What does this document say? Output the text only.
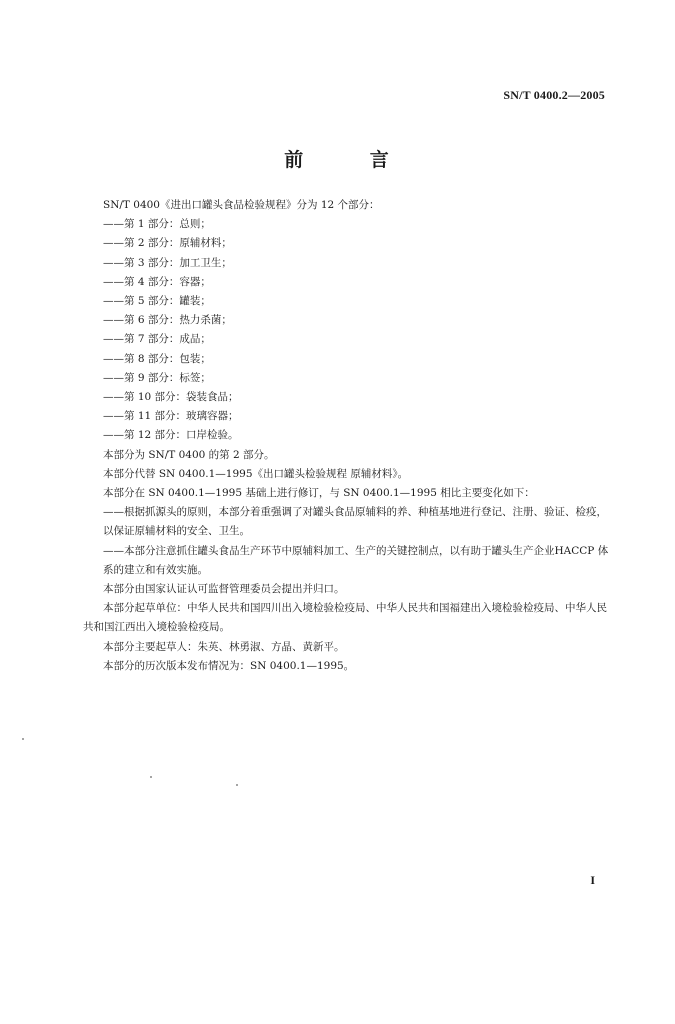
SN/T 0400.2—2005
前 言
SN/T 0400《进出口罐头食品检验规程》分为 12 个部分：
——第 1 部分：总则；
——第 2 部分：原辅材料；
——第 3 部分：加工卫生；
——第 4 部分：容器；
——第 5 部分：罐装；
——第 6 部分：热力杀菌；
——第 7 部分：成品；
——第 8 部分：包装；
——第 9 部分：标签；
——第 10 部分：袋装食品；
——第 11 部分：玻璃容器；
——第 12 部分：口岸检验。
本部分为 SN/T 0400 的第 2 部分。
本部分代替 SN 0400.1—1995《出口罐头检验规程 原辅材料》。
本部分在 SN 0400.1—1995 基础上进行修订，与 SN 0400.1—1995 相比主要变化如下：
——根据抓源头的原则，本部分着重强调了对罐头食品原辅料的养、种植基地进行登记、注册、验证、检疫，以保证原辅材料的安全、卫生。
——本部分注意抓住罐头食品生产环节中原辅料加工、生产的关键控制点，以有助于罐头生产企业HACCP 体系的建立和有效实施。
本部分由国家认证认可监督管理委员会提出并归口。
本部分起草单位：中华人民共和国四川出入境检验检疫局、中华人民共和国福建出入境检验检疫局、中华人民共和国江西出入境检验检疫局。
本部分主要起草人：朱英、林勇淑、方晶、黄新平。
本部分的历次版本发布情况为：SN 0400.1—1995。
I
